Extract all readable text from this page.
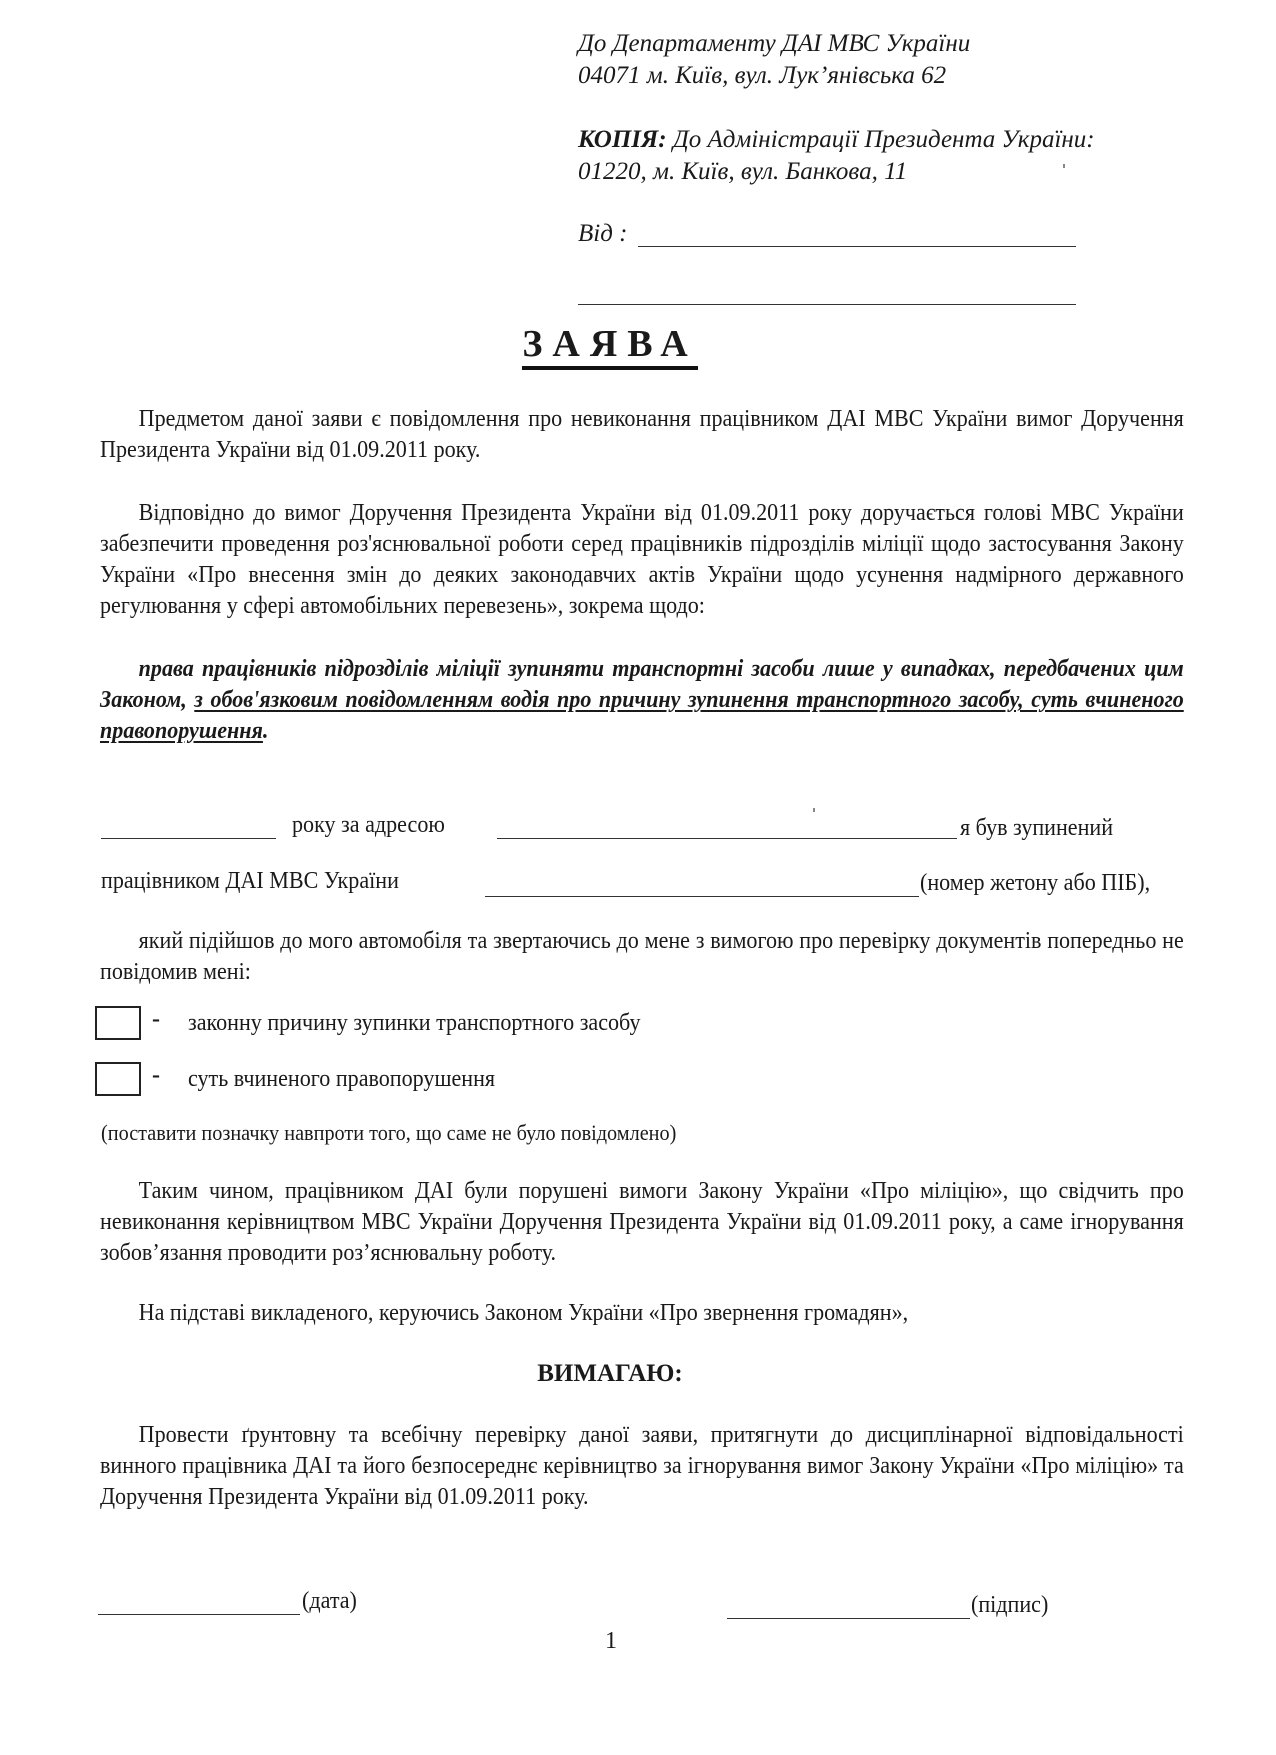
До Департаменту ДАІ МВС України
04071 м. Київ, вул. Лук’янівська 62
КОПІЯ: До Адміністрації Президента України:
01220, м. Київ, вул. Банкова, 11
Від :
ЗАЯВА
Предметом даної заяви є повідомлення про невиконання працівником ДАІ МВС України вимог Доручення Президента України від 01.09.2011 року.
Відповідно до вимог Доручення Президента України від 01.09.2011 року доручається голові МВС України забезпечити проведення роз'яснювальної роботи серед працівників підрозділів міліції щодо застосування Закону України «Про внесення змін до деяких законодавчих актів України щодо усунення надмірного державного регулювання у сфері автомобільних перевезень», зокрема щодо:
права працівників підрозділів міліції зупиняти транспортні засоби лише у випадках, передбачених цим Законом, з обов'язковим повідомленням водія про причину зупинення транспортного засобу, суть вчиненого правопорушення.
року за адресою	я був зупинений
працівником ДАІ МВС України	(номер жетону або ПІБ),
який підійшов до мого автомобіля та звертаючись до мене з вимогою про перевірку документів попередньо не повідомив мені:
- законну причину зупинки транспортного засобу
- суть вчиненого правопорушення
(поставити позначку навпроти того, що саме не було повідомлено)
Таким чином, працівником ДАІ були порушені вимоги Закону України «Про міліцію», що свідчить про невиконання керівництвом МВС України Доручення Президента України від 01.09.2011 року, а саме ігнорування зобов’язання проводити роз’яснювальну роботу.
На підставі викладеного, керуючись Законом України «Про звернення громадян»,
ВИМАГАЮ:
Провести ґрунтовну та всебічну перевірку даної заяви, притягнути до дисциплінарної відповідальності винного працівника ДАІ та його безпосереднє керівництво за ігнорування вимог Закону України «Про міліцію» та Доручення Президента України від 01.09.2011 року.
(дата)	(підпис)
1
